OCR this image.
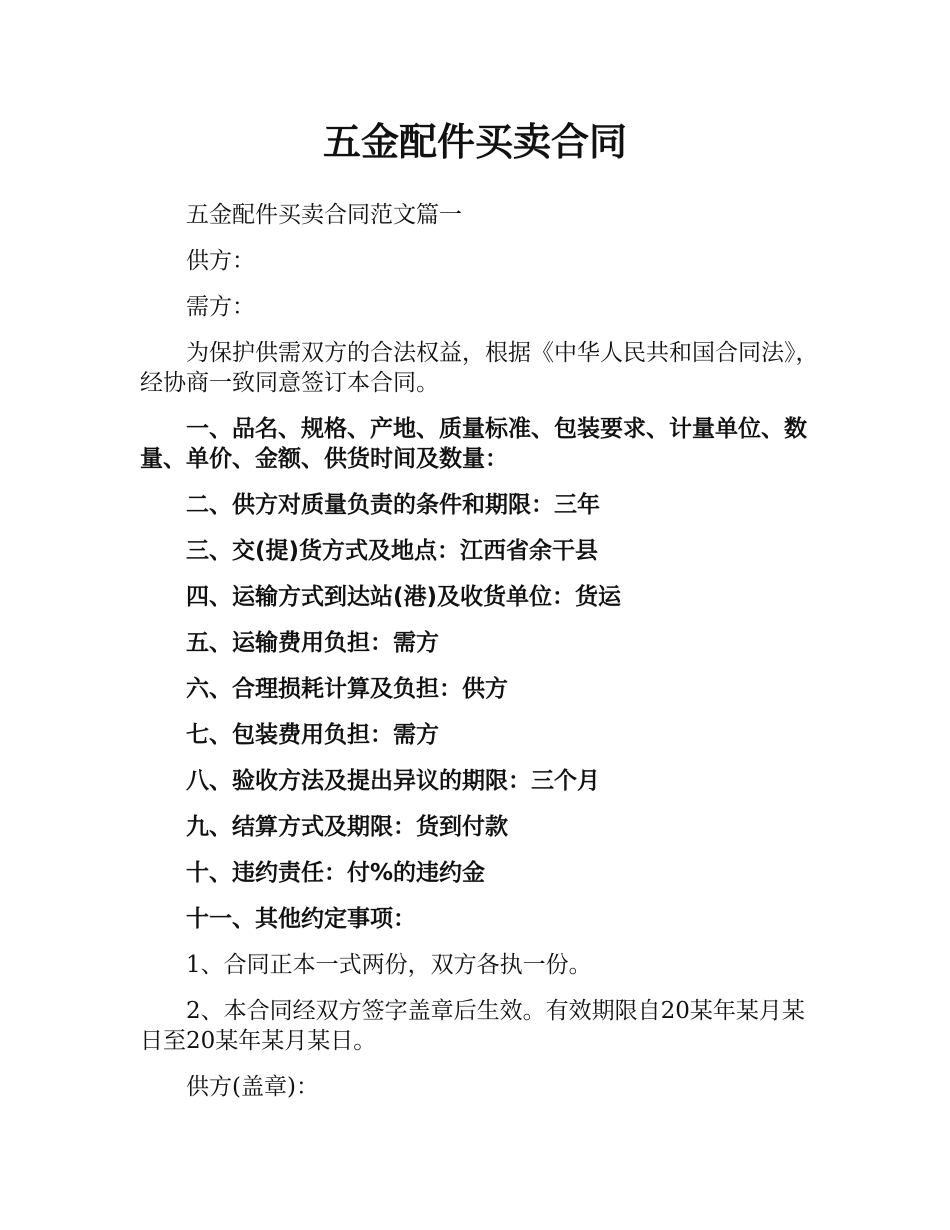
五金配件买卖合同

五金配件买卖合同范文篇一

供方：

需方：

为保护供需双方的合法权益，根据《中华人民共和国合同法》，经协商一致同意签订本合同。

一、品名、规格、产地、质量标准、包装要求、计量单位、数量、单价、金额、供货时间及数量：

二、供方对质量负责的条件和期限：三年

三、交(提)货方式及地点：江西省余干县

四、运输方式到达站(港)及收货单位：货运

五、运输费用负担：需方

六、合理损耗计算及负担：供方

七、包装费用负担：需方

八、验收方法及提出异议的期限：三个月

九、结算方式及期限：货到付款

十、违约责任：付%的违约金

十一、其他约定事项：

1、合同正本一式两份，双方各执一份。

2、本合同经双方签字盖章后生效。有效期限自20某年某月某日至20某年某月某日。

供方(盖章)：
